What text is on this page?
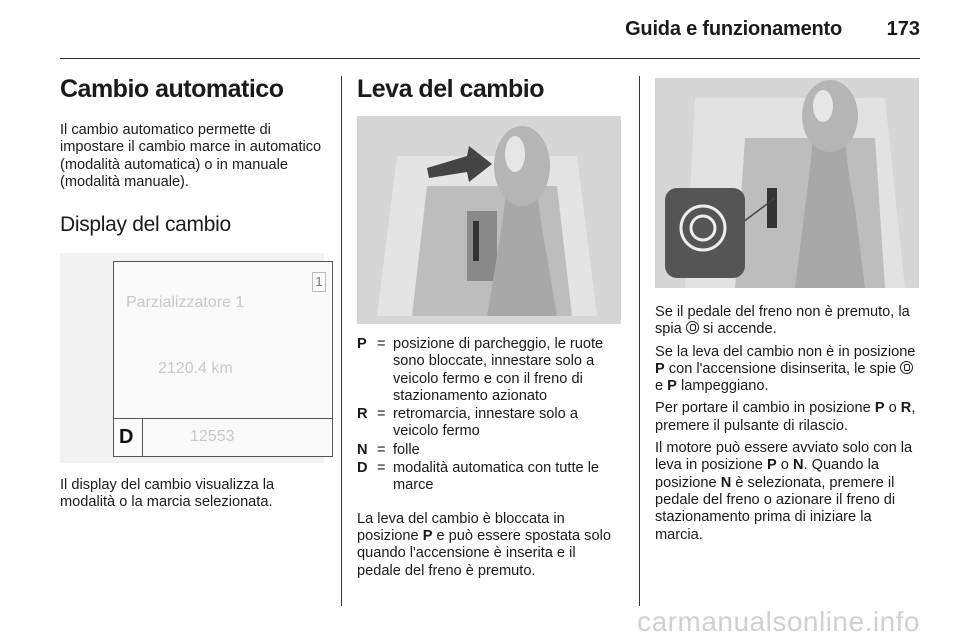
Guida e funzionamento 173
Cambio automatico
Il cambio automatico permette di impostare il cambio marce in automatico (modalità automatica) o in manuale (modalità manuale).
Display del cambio
1
Parzializzatore 1
2120.4 km
D	12553
Il display del cambio visualizza la modalità o la marcia selezionata.
Leva del cambio
P = posizione di parcheggio, le ruote sono bloccate, innestare solo a veicolo fermo e con il freno di stazionamento azionato
R = retromarcia, innestare solo a veicolo fermo
N = folle
D = modalità automatica con tutte le marce
La leva del cambio è bloccata in posizione P e può essere spostata solo quando l'accensione è inserita e il pedale del freno è premuto.
Se il pedale del freno non è premuto, la spia  si accende.
Se la leva del cambio non è in posizione P con l'accensione disinserita, le spie  e P lampeggiano.
Per portare il cambio in posizione P o R, premere il pulsante di rilascio.
Il motore può essere avviato solo con la leva in posizione P o N. Quando la posizione N è selezionata, premere il pedale del freno o azionare il freno di stazionamento prima di iniziare la marcia.
carmanualsonline.info
